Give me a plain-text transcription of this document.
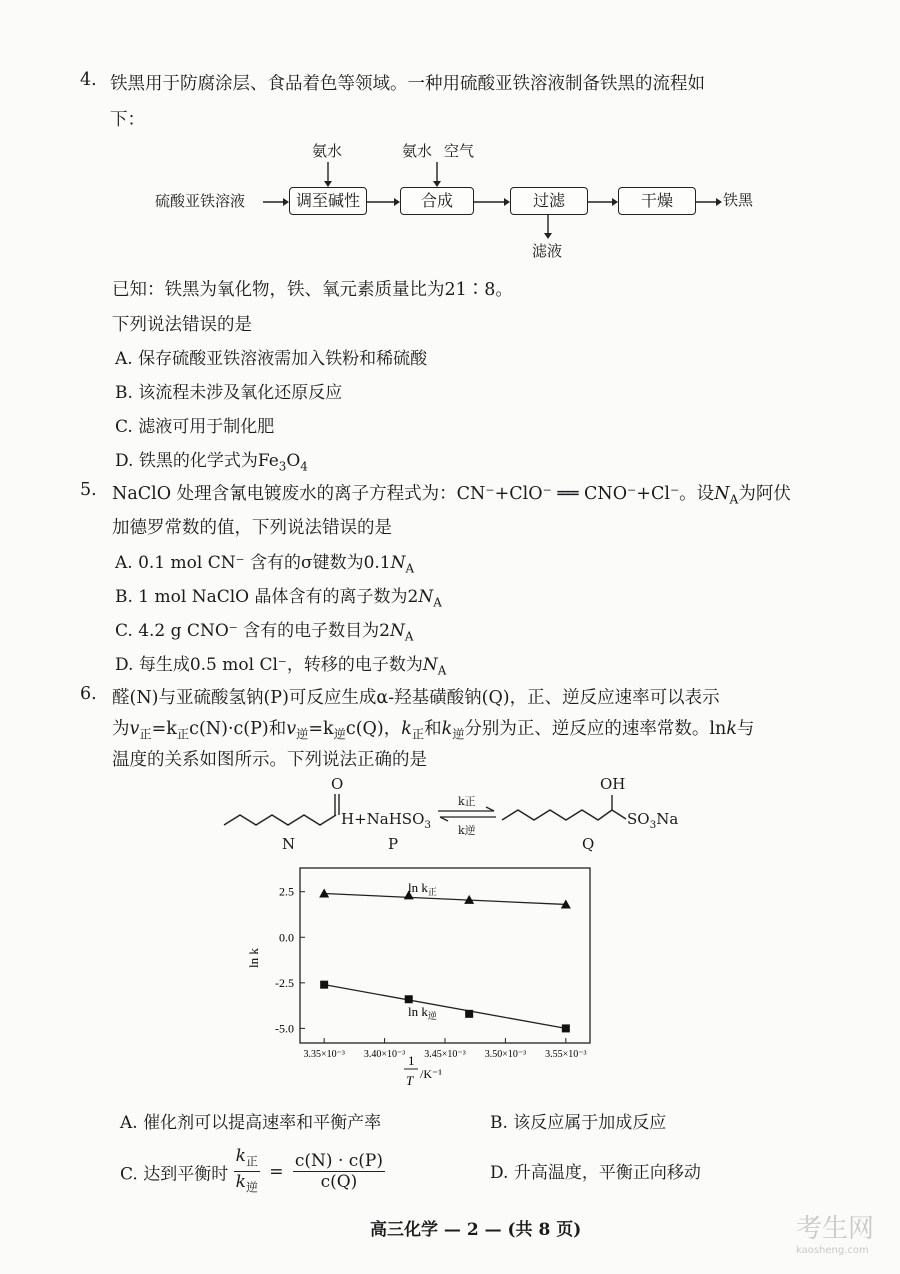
4. 铁黑用于防腐涂层、食品着色等领域。一种用硫酸亚铁溶液制备铁黑的流程如
下：
硫酸亚铁溶液	调至碱性	合成	过滤	干燥	铁黑
氨水	氨水 空气
滤液
已知：铁黑为氧化物，铁、氧元素质量比为21∶8。
下列说法错误的是
A. 保存硫酸亚铁溶液需加入铁粉和稀硫酸
B. 该流程未涉及氧化还原反应
C. 滤液可用于制化肥
D. 铁黑的化学式为$Fe_3O_4$
5. NaClO 处理含氰电镀废水的离子方程式为：CN⁻+ClO⁻ ══ CNO⁻+Cl⁻。设$N_A$为阿伏
加德罗常数的值，下列说法错误的是
A. 0.1 mol CN⁻ 含有的σ键数为$0.1N_A$
B. 1 mol NaClO 晶体含有的离子数为$2N_A$
C. 4.2 g CNO⁻ 含有的电子数目为$2N_A$
D. 每生成0.5 mol Cl⁻，转移的电子数为$N_A$
6. 醛(N)与亚硫酸氢钠(P)可反应生成α-羟基磺酸钠(Q)，正、逆反应速率可以表示
为$v_正=k_正c(N)\cdot c(P)$和$v_逆=k_逆c(Q)$，$k_正$和$k_逆$分别为正、逆反应的速率常数。lnk与
温度的关系如图所示。下列说法正确的是
O
H+NaHSO$_3$
k正
k逆
OH
$SO_3Na$
N	P	Q
2.5
0.0
-2.5
-5.0
3.35×10⁻³ 3.40×10⁻³ 3.45×10⁻³ 3.50×10⁻³ 3.55×10⁻³
ln k
$\ln k_正$
$\ln k_逆$
1
T /K⁻¹
A. 催化剂可以提高速率和平衡产率	B. 该反应属于加成反应
C. 达到平衡时 $\frac{k_正}{k_逆} = \frac{c(N) \cdot c(P)}{c(Q)}$	D. 升高温度，平衡正向移动
高三化学 — 2 — (共 8 页)	考生网
kaosheng.com
